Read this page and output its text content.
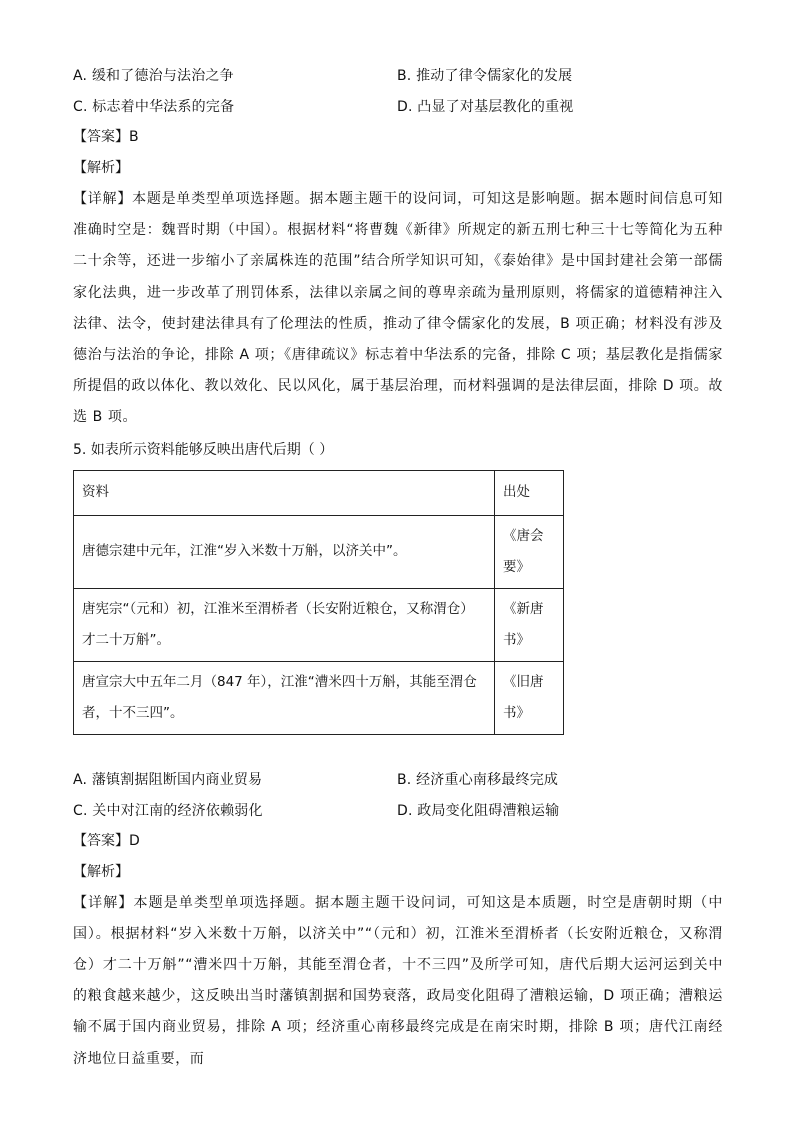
A. 缓和了德治与法治之争	B. 推动了律令儒家化的发展
C. 标志着中华法系的完备	D. 凸显了对基层教化的重视
【答案】B
【解析】

【详解】本题是单类型单项选择题。据本题主题干的设问词，可知这是影响题。据本题时间信息可知准确时空是：魏晋时期（中国）。根据材料“将曹魏《新律》所规定的新五刑七种三十七等简化为五种二十余等，还进一步缩小了亲属株连的范围”结合所学知识可知，《泰始律》是中国封建社会第一部儒家化法典，进一步改革了刑罚体系，法律以亲属之间的尊卑亲疏为量刑原则，将儒家的道德精神注入法律、法令，使封建法律具有了伦理法的性质，推动了律令儒家化的发展，B 项正确；材料没有涉及德治与法治的争论，排除 A 项；《唐律疏议》标志着中华法系的完备，排除 C 项；基层教化是指儒家所提倡的政以体化、教以效化、民以风化，属于基层治理，而材料强调的是法律层面，排除 D 项。故选 B 项。

5. 如表所示资料能够反映出唐代后期（ ）
资料	出处
唐德宗建中元年，江淮“岁入米数十万斛，以济关中”。	《唐会要》
唐宪宗“（元和）初，江淮米至渭桥者（长安附近粮仓，又称渭仓）才二十万斛”。	《新唐书》
唐宣宗大中五年二月（847 年），江淮“漕米四十万斛，其能至渭仓者，十不三四”。	《旧唐书》
A. 藩镇割据阻断国内商业贸易	B. 经济重心南移最终完成
C. 关中对江南的经济依赖弱化	D. 政局变化阻碍漕粮运输
【答案】D
【解析】

【详解】本题是单类型单项选择题。据本题主题干设问词，可知这是本质题，时空是唐朝时期（中国）。根据材料“岁入米数十万斛，以济关中”“（元和）初，江淮米至渭桥者（长安附近粮仓，又称渭仓）才二十万斛”“漕米四十万斛，其能至渭仓者，十不三四”及所学可知，唐代后期大运河运到关中的粮食越来越少，这反映出当时藩镇割据和国势衰落，政局变化阻碍了漕粮运输，D 项正确；漕粮运输不属于国内商业贸易，排除 A 项；经济重心南移最终完成是在南宋时期，排除 B 项；唐代江南经济地位日益重要，而
